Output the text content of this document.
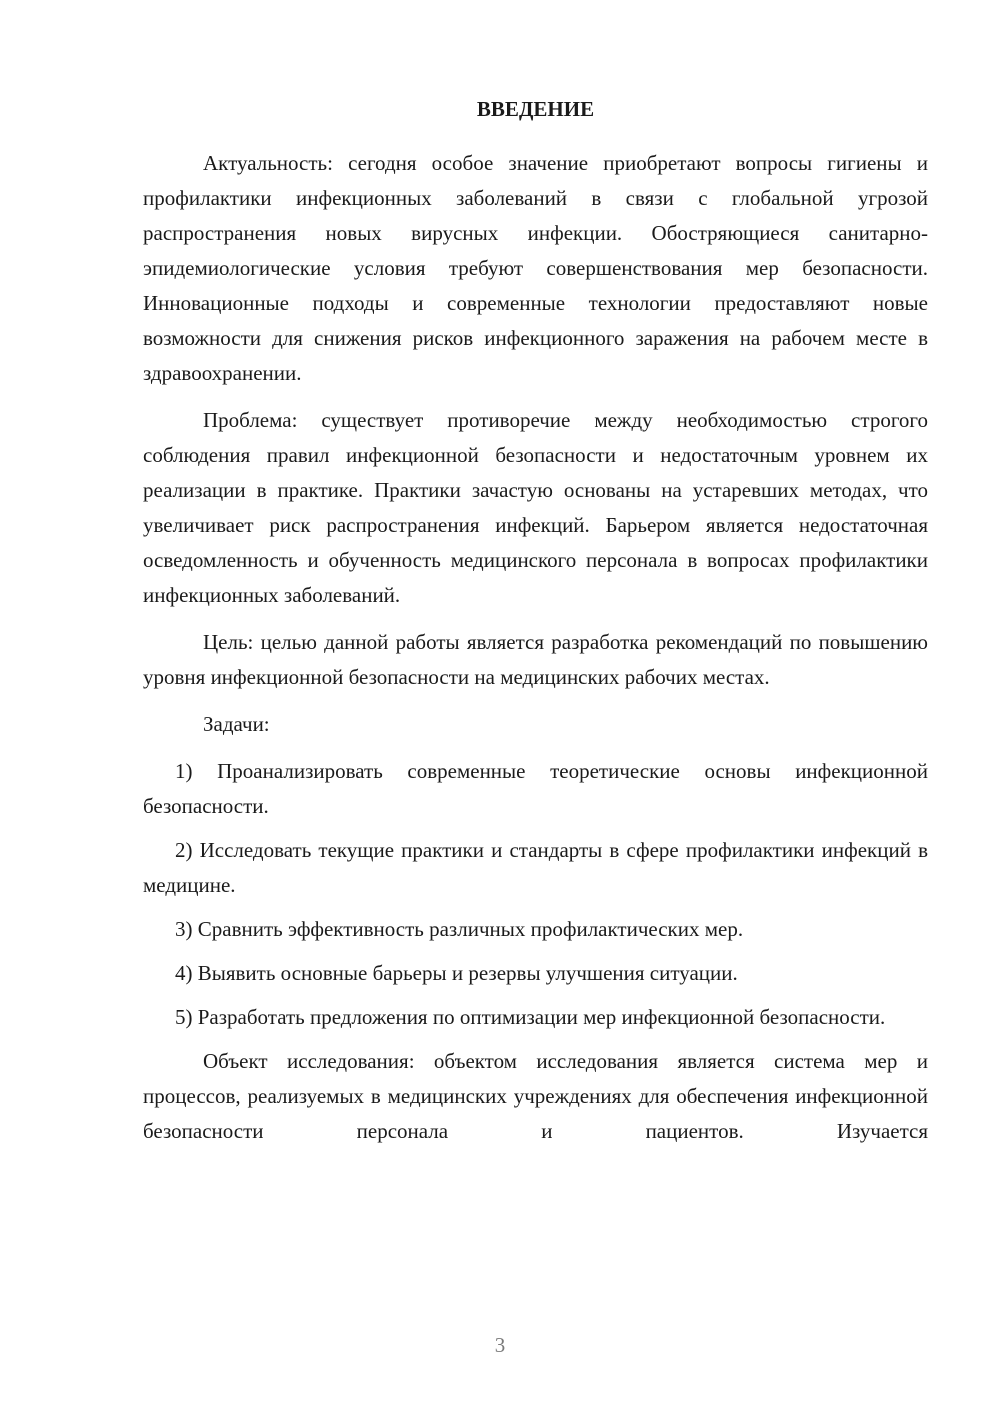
ВВЕДЕНИЕ

Актуальность: сегодня особое значение приобретают вопросы гигиены и профилактики инфекционных заболеваний в связи с глобальной угрозой распространения новых вирусных инфекции. Обостряющиеся санитарно-эпидемиологические условия требуют совершенствования мер безопасности. Инновационные подходы и современные технологии предоставляют новые возможности для снижения рисков инфекционного заражения на рабочем месте в здравоохранении.

Проблема: существует противоречие между необходимостью строгого соблюдения правил инфекционной безопасности и недостаточным уровнем их реализации в практике. Практики зачастую основаны на устаревших методах, что увеличивает риск распространения инфекций. Барьером является недостаточная осведомленность и обученность медицинского персонала в вопросах профилактики инфекционных заболеваний.

Цель: целью данной работы является разработка рекомендаций по повышению уровня инфекционной безопасности на медицинских рабочих местах.

Задачи:

1) Проанализировать современные теоретические основы инфекционной безопасности.

2) Исследовать текущие практики и стандарты в сфере профилактики инфекций в медицине.

3) Сравнить эффективность различных профилактических мер.

4) Выявить основные барьеры и резервы улучшения ситуации.

5) Разработать предложения по оптимизации мер инфекционной безопасности.

Объект исследования: объектом исследования является система мер и процессов, реализуемых в медицинских учреждениях для обеспечения инфекционной безопасности персонала и пациентов. Изучается

3
